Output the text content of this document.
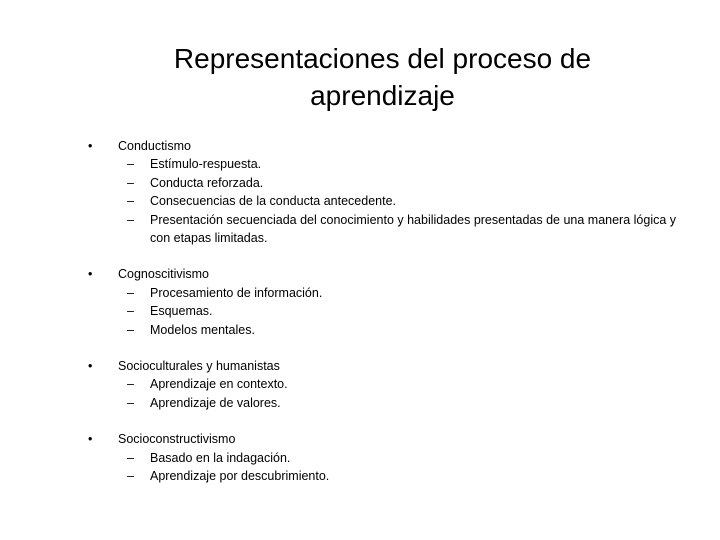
Representaciones del proceso de aprendizaje
•	Conductismo
– Estímulo-respuesta.
– Conducta reforzada.
– Consecuencias de la conducta antecedente.
– Presentación secuenciada del conocimiento y habilidades presentadas de una manera lógica y con etapas limitadas.
•	Cognoscitivismo
– Procesamiento de información.
– Esquemas.
– Modelos mentales.
•	Socioculturales y humanistas
– Aprendizaje en contexto.
– Aprendizaje de valores.
•	Socioconstructivismo
– Basado en la indagación.
– Aprendizaje por descubrimiento.
